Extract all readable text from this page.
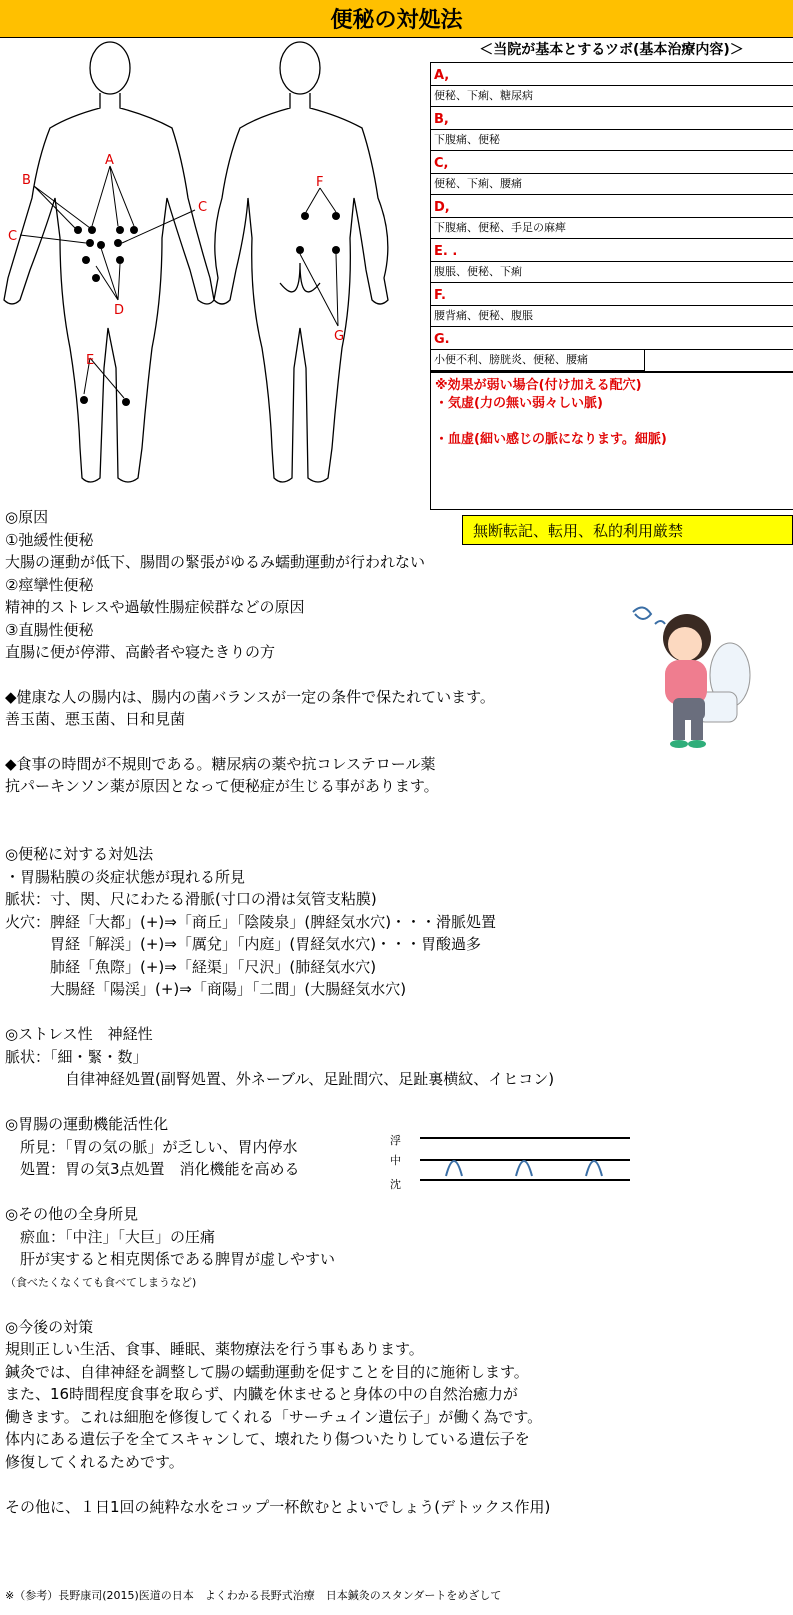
便秘の対処法
A
B
C
C
D
E
F
G
＜当院が基本とするツボ(基本治療内容)＞
A,
便秘、下痢、糖尿病
B,
下腹痛、便秘
C,
便秘、下痢、腰痛
D,
下腹痛、便秘、手足の麻痺
E. .
腹脹、便秘、下痢
F.
腰背痛、便秘、腹脹
G.
小便不利、膀胱炎、便秘、腰痛
※効果が弱い場合(付け加える配穴)
・気虚(力の無い弱々しい脈)
・血虚(細い感じの脈になります。細脈)
無断転記、転用、私的利用厳禁
◎原因
①弛緩性便秘
大腸の運動が低下、腸間の緊張がゆるみ蠕動運動が行われない
②痙攣性便秘
精神的ストレスや過敏性腸症候群などの原因
③直腸性便秘
直腸に便が停滞、高齢者や寝たきりの方
◆健康な人の腸内は、腸内の菌バランスが一定の条件で保たれています。
善玉菌、悪玉菌、日和見菌
◆食事の時間が不規則である。糖尿病の薬や抗コレステロール薬
抗パーキンソン薬が原因となって便秘症が生じる事があります。
◎便秘に対する対処法
・胃腸粘膜の炎症状態が現れる所見
脈状：寸、関、尺にわたる滑脈(寸口の滑は気管支粘膜)
火穴：脾経「大都」(+)⇒「商丘」「陰陵泉」(脾経気水穴)・・・滑脈処置
　　　胃経「解渓」(+)⇒「厲兌」「内庭」(胃経気水穴)・・・胃酸過多
　　　肺経「魚際」(+)⇒「経渠」「尺沢」(肺経気水穴)
　　　大腸経「陽渓」(+)⇒「商陽」「二間」(大腸経気水穴)
◎ストレス性　神経性
脈状：「細・緊・数」
　　　　自律神経処置(副腎処置、外ネーブル、足趾間穴、足趾裏横紋、イヒコン)
◎胃腸の運動機能活性化
　所見：「胃の気の脈」が乏しい、胃内停水
　処置：胃の気3点処置　消化機能を高める
◎その他の全身所見
　瘀血：「中注」「大巨」の圧痛
　肝が実すると相克関係である脾胃が虚しやすい
（食べたくなくても食べてしまうなど)
◎今後の対策
規則正しい生活、食事、睡眠、薬物療法を行う事もあります。
鍼灸では、自律神経を調整して腸の蠕動運動を促すことを目的に施術します。
また、16時間程度食事を取らず、内臓を休ませると身体の中の自然治癒力が
働きます。これは細胞を修復してくれる「サーチュイン遺伝子」が働く為です。
体内にある遺伝子を全てスキャンして、壊れたり傷ついたりしている遺伝子を
修復してくれるためです。
その他に、１日1回の純粋な水をコップ一杯飲むとよいでしょう(デトックス作用)
※（参考）長野康司(2015)医道の日本　よくわかる長野式治療　日本鍼灸のスタンダートをめざして
浮
中
沈
